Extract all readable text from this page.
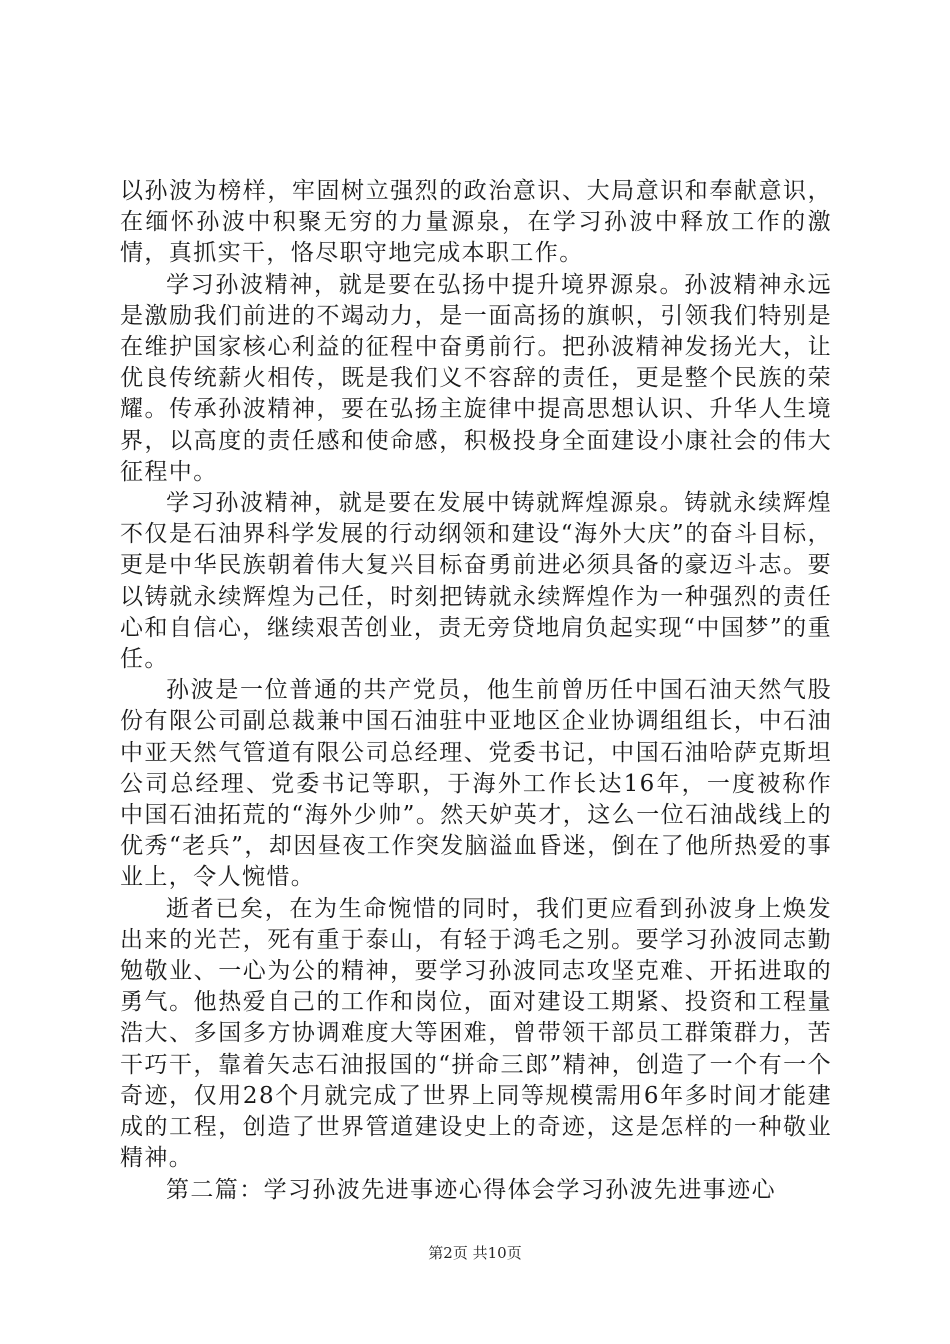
以孙波为榜样，牢固树立强烈的政治意识、大局意识和奉献意识，在缅怀孙波中积聚无穷的力量源泉，在学习孙波中释放工作的激情，真抓实干，恪尽职守地完成本职工作。

学习孙波精神，就是要在弘扬中提升境界源泉。孙波精神永远是激励我们前进的不竭动力，是一面高扬的旗帜，引领我们特别是在维护国家核心利益的征程中奋勇前行。把孙波精神发扬光大，让优良传统薪火相传，既是我们义不容辞的责任，更是整个民族的荣耀。传承孙波精神，要在弘扬主旋律中提高思想认识、升华人生境界，以高度的责任感和使命感，积极投身全面建设小康社会的伟大征程中。

学习孙波精神，就是要在发展中铸就辉煌源泉。铸就永续辉煌不仅是石油界科学发展的行动纲领和建设“海外大庆”的奋斗目标，更是中华民族朝着伟大复兴目标奋勇前进必须具备的豪迈斗志。要以铸就永续辉煌为己任，时刻把铸就永续辉煌作为一种强烈的责任心和自信心，继续艰苦创业，责无旁贷地肩负起实现“中国梦”的重任。

孙波是一位普通的共产党员，他生前曾历任中国石油天然气股份有限公司副总裁兼中国石油驻中亚地区企业协调组组长，中石油中亚天然气管道有限公司总经理、党委书记，中国石油哈萨克斯坦公司总经理、党委书记等职，于海外工作长达16年，一度被称作中国石油拓荒的“海外少帅”。然天妒英才，这么一位石油战线上的优秀“老兵”，却因昼夜工作突发脑溢血昏迷，倒在了他所热爱的事业上，令人惋惜。

逝者已矣，在为生命惋惜的同时，我们更应看到孙波身上焕发出来的光芒，死有重于泰山，有轻于鸿毛之别。要学习孙波同志勤勉敬业、一心为公的精神，要学习孙波同志攻坚克难、开拓进取的勇气。他热爱自己的工作和岗位，面对建设工期紧、投资和工程量浩大、多国多方协调难度大等困难，曾带领干部员工群策群力，苦干巧干，靠着矢志石油报国的“拼命三郎”精神，创造了一个有一个奇迹，仅用28个月就完成了世界上同等规模需用6年多时间才能建成的工程，创造了世界管道建设史上的奇迹，这是怎样的一种敬业精神。

第二篇：学习孙波先进事迹心得体会学习孙波先进事迹心

第2页 共10页
